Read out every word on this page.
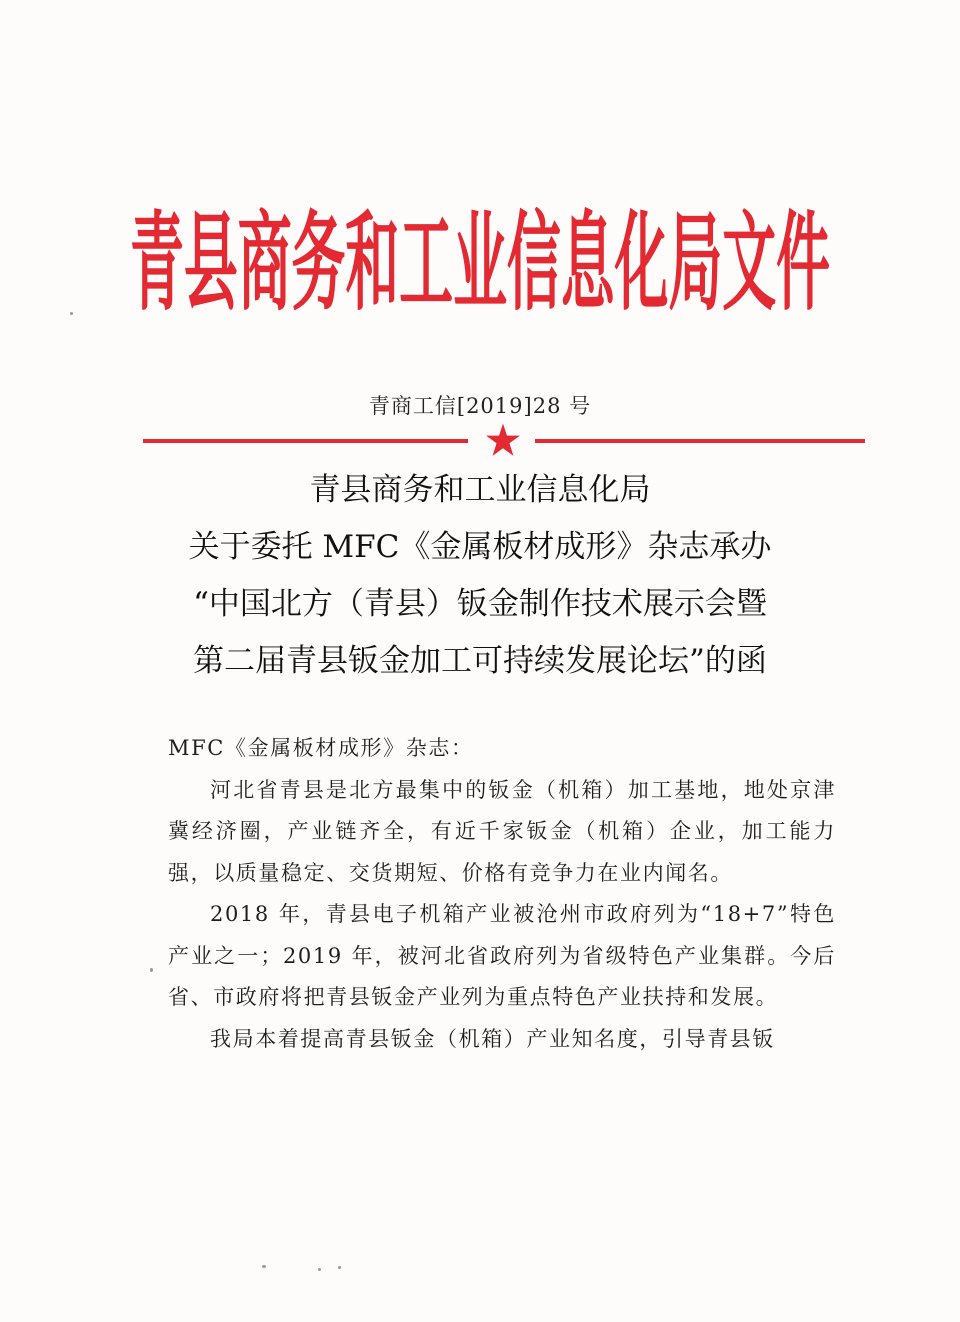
青县商务和工业信息化局文件
青商工信[2019]28 号
青县商务和工业信息化局
关于委托 MFC《金属板材成形》杂志承办
“中国北方（青县）钣金制作技术展示会暨
第二届青县钣金加工可持续发展论坛”的函

MFC《金属板材成形》杂志：

河北省青县是北方最集中的钣金（机箱）加工基地，地处京津冀经济圈，产业链齐全，有近千家钣金（机箱）企业，加工能力强，以质量稳定、交货期短、价格有竞争力在业内闻名。

2018 年，青县电子机箱产业被沧州市政府列为“18+7”特色产业之一；2019 年，被河北省政府列为省级特色产业集群。今后省、市政府将把青县钣金产业列为重点特色产业扶持和发展。

我局本着提高青县钣金（机箱）产业知名度，引导青县钣
